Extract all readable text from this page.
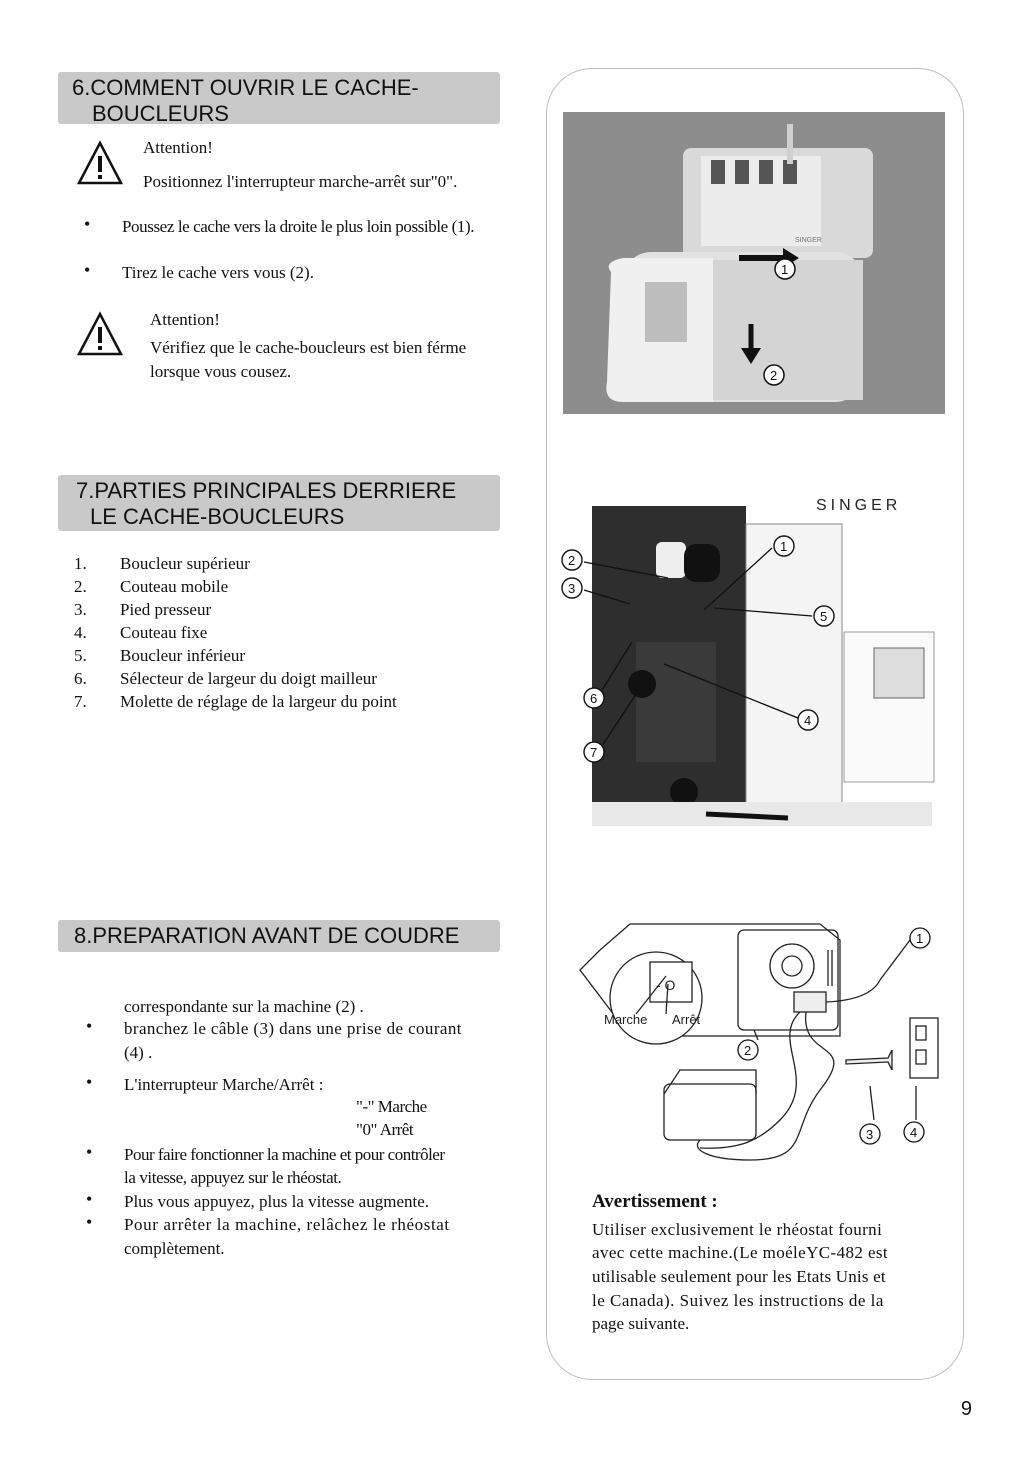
6.COMMENT OUVRIR LE CACHE-
BOUCLEURS
Attention!
Positionnez l'interrupteur marche-arrêt sur"0".
• Poussez le cache vers la droite le plus loin possible (1).
• Tirez le cache vers vous (2).
Attention!
Vérifiez que le cache-boucleurs est bien férme
lorsque vous cousez.
SINGER
1
2
7.PARTIES PRINCIPALES DERRIERE
LE CACHE-BOUCLEURS
1.	Boucleur supérieur
2.	Couteau mobile
3.	Pied presseur
4.	Couteau fixe
5.	Boucleur inférieur
6.	Sélecteur de largeur du doigt mailleur
7.	Molette de réglage de la largeur du point
SINGER
1
2
3
4
5
6
7
8.PREPARATION AVANT DE COUDRE
correspondante sur la machine (2) .
• branchez le câble (3) dans une prise de courant
(4) .
• L'interrupteur Marche/Arrêt :
"-" Marche
"0" Arrêt
• Pour faire fonctionner la machine et pour contrôler
la vitesse, appuyez sur le rhéostat.
• Plus vous appuyez, plus la vitesse augmente.
• Pour arrêter la machine, relâchez le rhéostat
complètement.
- O
Marche Arrêt
1
2
3	4
Avertissement :
Utiliser exclusivement le rhéostat fourni
avec cette machine.(Le moéleYC-482 est
utilisable seulement pour les Etats Unis et
le Canada). Suivez les instructions de la
page suivante.
9
